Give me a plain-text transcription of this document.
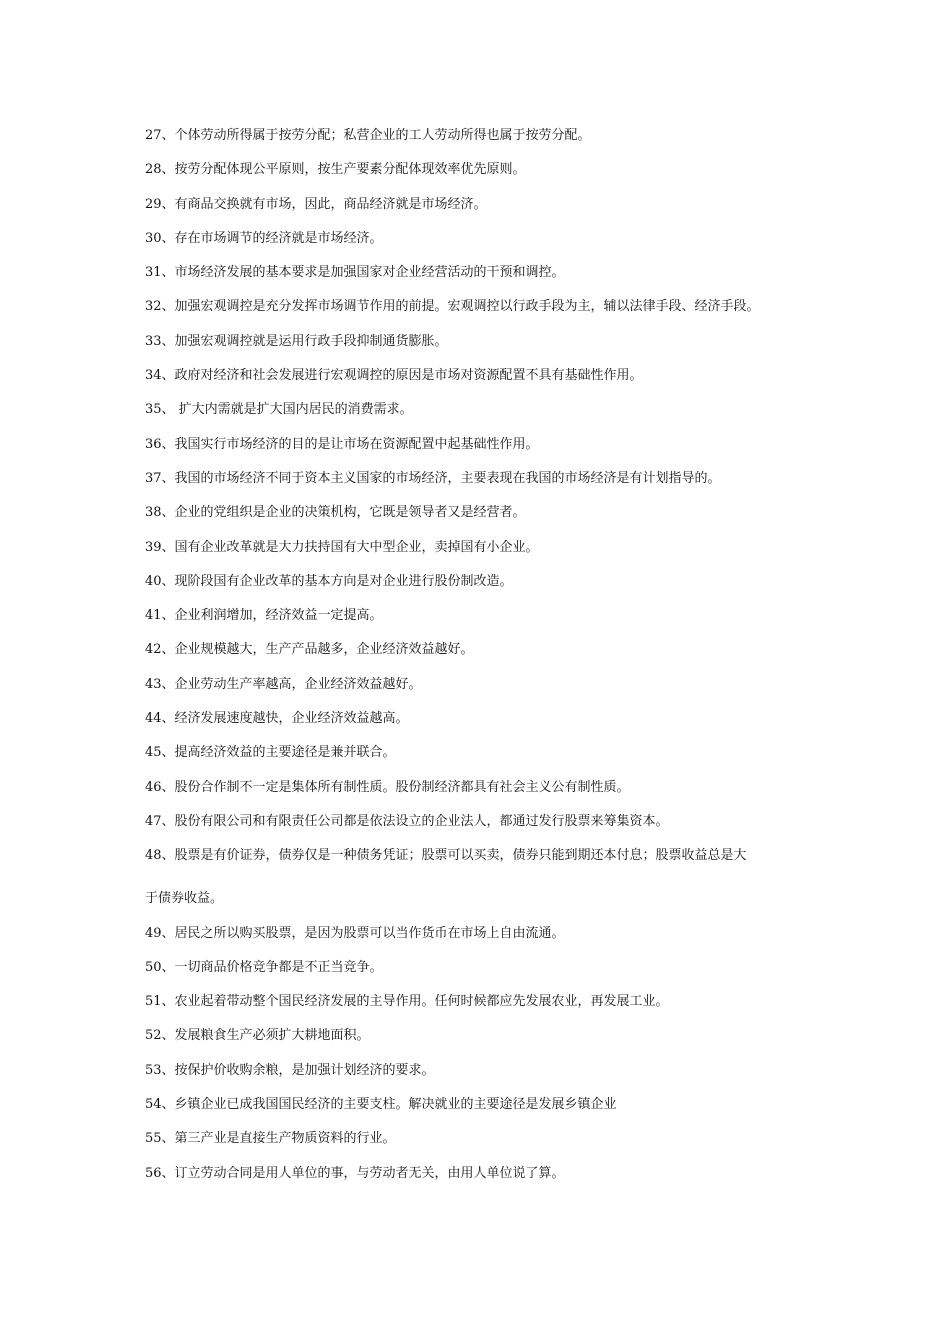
27、个体劳动所得属于按劳分配；私营企业的工人劳动所得也属于按劳分配。
28、按劳分配体现公平原则，按生产要素分配体现效率优先原则。
29、有商品交换就有市场，因此，商品经济就是市场经济。
30、存在市场调节的经济就是市场经济。
31、市场经济发展的基本要求是加强国家对企业经营活动的干预和调控。
32、加强宏观调控是充分发挥市场调节作用的前提。宏观调控以行政手段为主，辅以法律手段、经济手段。
33、加强宏观调控就是运用行政手段抑制通货膨胀。
34、政府对经济和社会发展进行宏观调控的原因是市场对资源配置不具有基础性作用。
35、 扩大内需就是扩大国内居民的消费需求。
36、我国实行市场经济的目的是让市场在资源配置中起基础性作用。
37、我国的市场经济不同于资本主义国家的市场经济，主要表现在我国的市场经济是有计划指导的。
38、企业的党组织是企业的决策机构，它既是领导者又是经营者。
39、国有企业改革就是大力扶持国有大中型企业，卖掉国有小企业。
40、现阶段国有企业改革的基本方向是对企业进行股份制改造。
41、企业利润增加，经济效益一定提高。
42、企业规模越大，生产产品越多，企业经济效益越好。
43、企业劳动生产率越高，企业经济效益越好。
44、经济发展速度越快，企业经济效益越高。
45、提高经济效益的主要途径是兼并联合。
46、股份合作制不一定是集体所有制性质。股份制经济都具有社会主义公有制性质。
47、股份有限公司和有限责任公司都是依法设立的企业法人，都通过发行股票来筹集资本。
48、股票是有价证券，债券仅是一种债务凭证；股票可以买卖，债券只能到期还本付息；股票收益总是大
于债券收益。
49、居民之所以购买股票，是因为股票可以当作货币在市场上自由流通。
50、一切商品价格竞争都是不正当竞争。
51、农业起着带动整个国民经济发展的主导作用。任何时候都应先发展农业，再发展工业。
52、发展粮食生产必须扩大耕地面积。
53、按保护价收购余粮，是加强计划经济的要求。
54、乡镇企业已成我国国民经济的主要支柱。解决就业的主要途径是发展乡镇企业
55、第三产业是直接生产物质资料的行业。
56、订立劳动合同是用人单位的事，与劳动者无关，由用人单位说了算。
